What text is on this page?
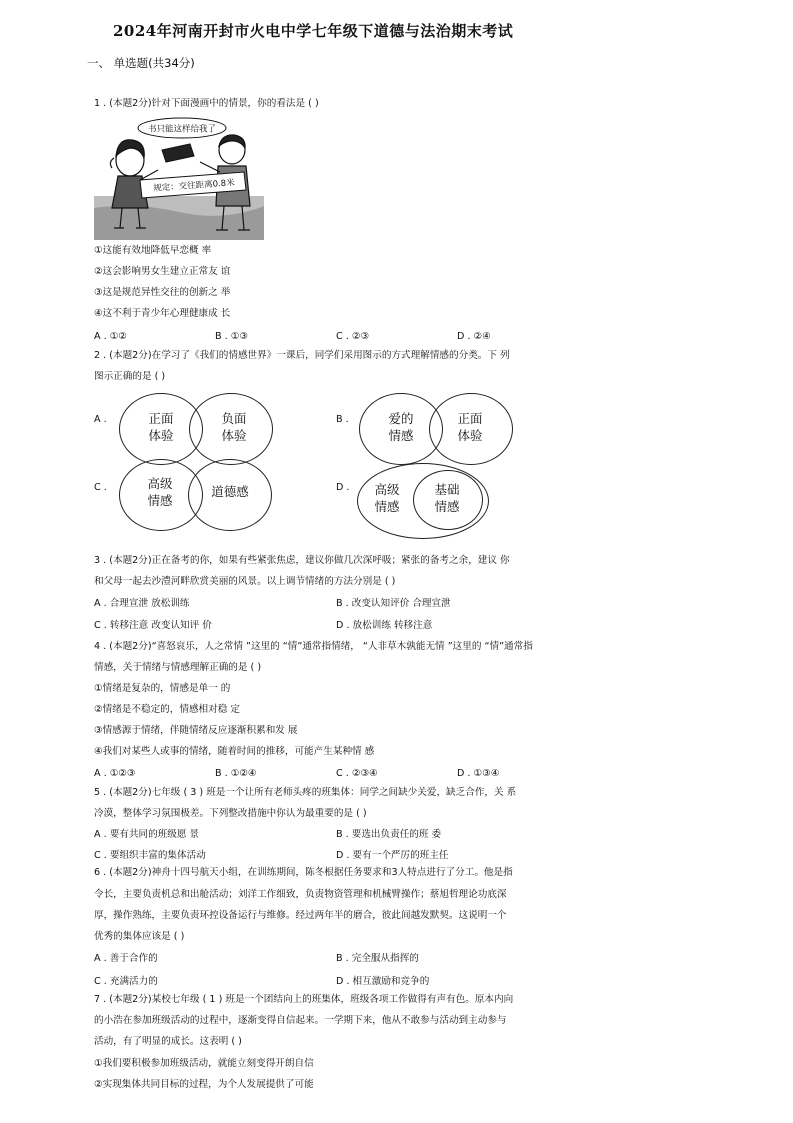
2024年河南开封市火电中学七年级下道德与法治期末考试
一、 单选题(共34分)
1 . (本题2分)针对下面漫画中的情景，你的看法是 ( )
书只能这样给我了
规定：交往距离0.8米
①这能有效地降低早恋概 率
②这会影响男女生建立正常友 谊
③这是规范异性交往的创新之 举
④这不利于青少年心理健康成 长
A . ①②	B . ①③	C . ②③	D . ②④
2 . (本题2分)在学习了《我们的情感世界》一课后，同学们采用图示的方式理解情感的分类。下 列
图示正确的是 ( )
A .	正面
体验
负面
体验
B .	爱的
情感
正面
体验
C .	高级
情感
道德感	D .	高级
情感
基础
情感
3 . (本题2分)正在备考的你，如果有些紧张焦虑，建议你做几次深呼吸；紧张的备考之余，建议 你
和父母一起去沙澧河畔欣赏美丽的风景。以上调节情绪的方法分别是 ( )
A . 合理宣泄 放松训练	B . 改变认知评价 合理宣泄
C . 转移注意 改变认知评 价	D . 放松训练 转移注意
4 . (本题2分)“喜怒哀乐，人之常情 ”这里的 “情”通常指情绪， “人非草木孰能无情 ”这里的 “情”通常指
情感，关于情绪与情感理解正确的是 ( )
①情绪是复杂的，情感是单一 的
②情绪是不稳定的，情感相对稳 定
③情感源于情绪，伴随情绪反应逐渐积累和发 展
④我们对某些人或事的情绪，随着时间的推移，可能产生某种情 感
A . ①②③	B . ①②④	C . ②③④	D . ①③④
5 . (本题2分)七年级 ( 3 ) 班是一个让所有老师头疼的班集体：同学之间缺少关爱，缺乏合作，关 系
冷漠，整体学习氛围极差。下列整改措施中你认为最重要的是 ( )
A . 要有共同的班级愿 景	B . 要选出负责任的班 委
C . 要组织丰富的集体活动	D . 要有一个严厉的班主任
6 . (本题2分)神舟十四号航天小组，在训练期间，陈冬根据任务要求和3人特点进行了分工。他是指
令长，主要负责机总和出舱活动；刘洋工作细致，负责物资管理和机械臂操作；蔡旭哲理论功底深
厚，操作熟练，主要负责环控设备运行与维修。经过两年半的磨合，彼此间越发默契。这说明一个
优秀的集体应该是 ( )
A . 善于合作的	B . 完全服从指挥的
C . 充满活力的	D . 相互激励和竞争的
7 . (本题2分)某校七年级 ( 1 ) 班是一个团结向上的班集体，班级各项工作做得有声有色。原本内向
的小浩在参加班级活动的过程中，逐渐变得自信起来。一学期下来，他从不敢参与活动到主动参与
活动，有了明显的成长。这表明 ( )
①我们要积极参加班级活动，就能立刻变得开朗自信
②实现集体共同目标的过程，为个人发展提供了可能
